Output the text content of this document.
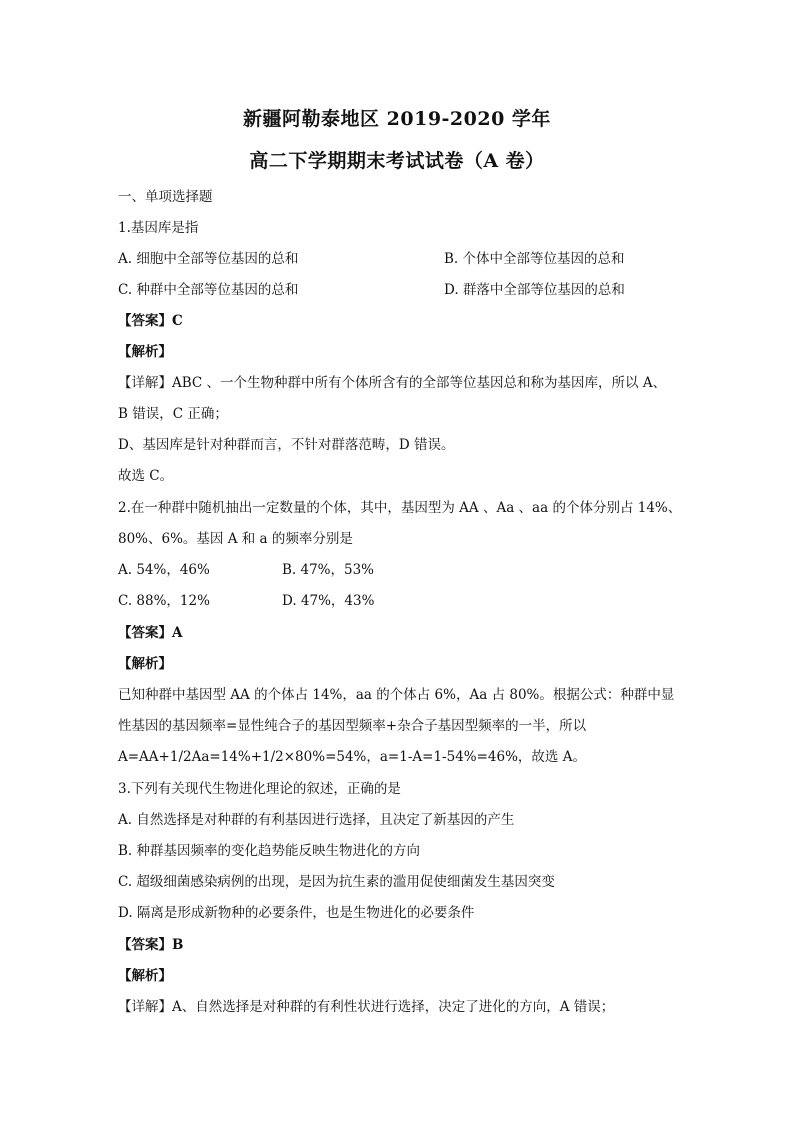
新疆阿勒泰地区 2019-2020 学年
高二下学期期末考试试卷（A 卷）
一、单项选择题
1.基因库是指
A. 细胞中全部等位基因的总和	B. 个体中全部等位基因的总和
C. 种群中全部等位基因的总和	D. 群落中全部等位基因的总和
【答案】C
【解析】
【详解】ABC 、一个生物种群中所有个体所含有的全部等位基因总和称为基因库，所以 A、
B 错误，C 正确；
D、基因库是针对种群而言，不针对群落范畴，D 错误。
故选 C。
2.在一种群中随机抽出一定数量的个体，其中，基因型为 AA 、Aa 、aa 的个体分别占 14%、
80%、6%。基因 A 和 a 的频率分别是
A. 54%，46%	B. 47%，53%
C. 88%，12%	D. 47%，43%
【答案】A
【解析】
已知种群中基因型 AA 的个体占 14%，aa 的个体占 6%，Aa 占 80%。根据公式：种群中显
性基因的基因频率=显性纯合子的基因型频率+杂合子基因型频率的一半，所以
A=AA+1/2Aa=14%+1/2×80%=54%，a=1-A=1-54%=46%，故选 A。
3.下列有关现代生物进化理论的叙述，正确的是
A. 自然选择是对种群的有利基因进行选择，且决定了新基因的产生
B. 种群基因频率的变化趋势能反映生物进化的方向
C. 超级细菌感染病例的出现，是因为抗生素的滥用促使细菌发生基因突变
D. 隔离是形成新物种的必要条件，也是生物进化的必要条件
【答案】B
【解析】
【详解】A、自然选择是对种群的有利性状进行选择，决定了进化的方向，A 错误；
